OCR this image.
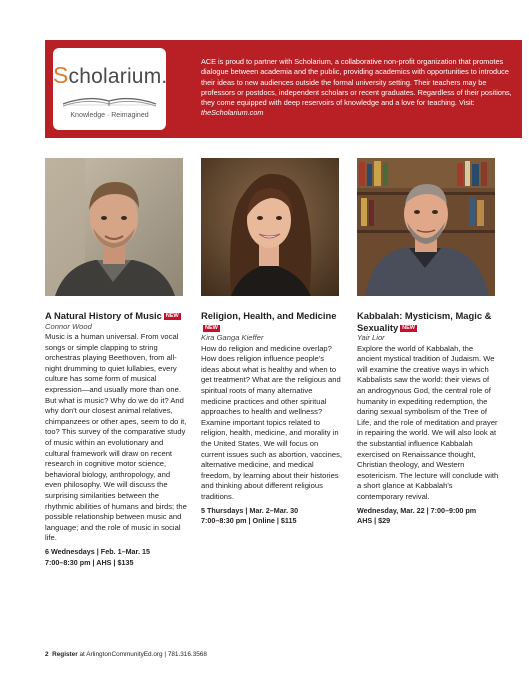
Scholarium.
Knowledge · Reimagined
ACE is proud to partner with Scholarium, a collaborative non-profit organization that promotes dialogue between academia and the public, providing academics with opportunities to introduce their ideas to new audiences outside the formal university setting. Their teachers may be professors or postdocs, independent scholars or recent graduates. Regardless of their positions, they come equipped with deep reservoirs of knowledge and a love for teaching. Visit: theScholarium.com
A Natural History of Music NEW
Connor Wood
Music is a human universal. From vocal songs or simple clapping to string orchestras playing Beethoven, from all-night drumming to quiet lullabies, every culture has some form of musical expression—and usually more than one. But what is music? Why do we do it? And why don't our closest animal relatives, chimpanzees or other apes, seem to do it, too? This survey of the comparative study of music within an evolutionary and cultural framework will draw on recent research in cognitive motor science, behavioral biology, anthropology, and even philosophy. We will discuss the surprising similarities between the rhythmic abilities of humans and birds; the possible relationship between music and language; and the role of music in social life.
6 Wednesdays | Feb. 1–Mar. 15
7:00–8:30 pm | AHS | $135
Religion, Health, and MedicineNEW
Kira Ganga Kieffer
How do religion and medicine overlap? How does religion influence people's ideas about what is healthy and when to get treatment? What are the religious and spiritual roots of many alternative medicine practices and other spiritual approaches to health and wellness? Examine important topics related to religion, health, medicine, and morality in the United States. We will focus on current issues such as abortion, vaccines, alternative medicine, and medical freedom, by learning about their histories and thinking about different religious traditions.
5 Thursdays | Mar. 2–Mar. 30
7:00–8:30 pm | Online | $115
Kabbalah: Mysticism, Magic & Sexuality NEW
Yair Lior
Explore the world of Kabbalah, the ancient mystical tradition of Judaism. We will examine the creative ways in which Kabbalists saw the world: their views of an androgynous God, the central role of humanity in expediting redemption, the daring sexual symbolism of the Tree of Life, and the role of meditation and prayer in repairing the world. We will also look at the substantial influence Kabbalah exercised on Renaissance thought, Christian theology, and Western esotericism. The lecture will conclude with a short glance at Kabbalah's contemporary revival.
Wednesday, Mar. 22 | 7:00–9:00 pm
AHS | $29
2 Register at ArlingtonCommunityEd.org | 781.316.3568
